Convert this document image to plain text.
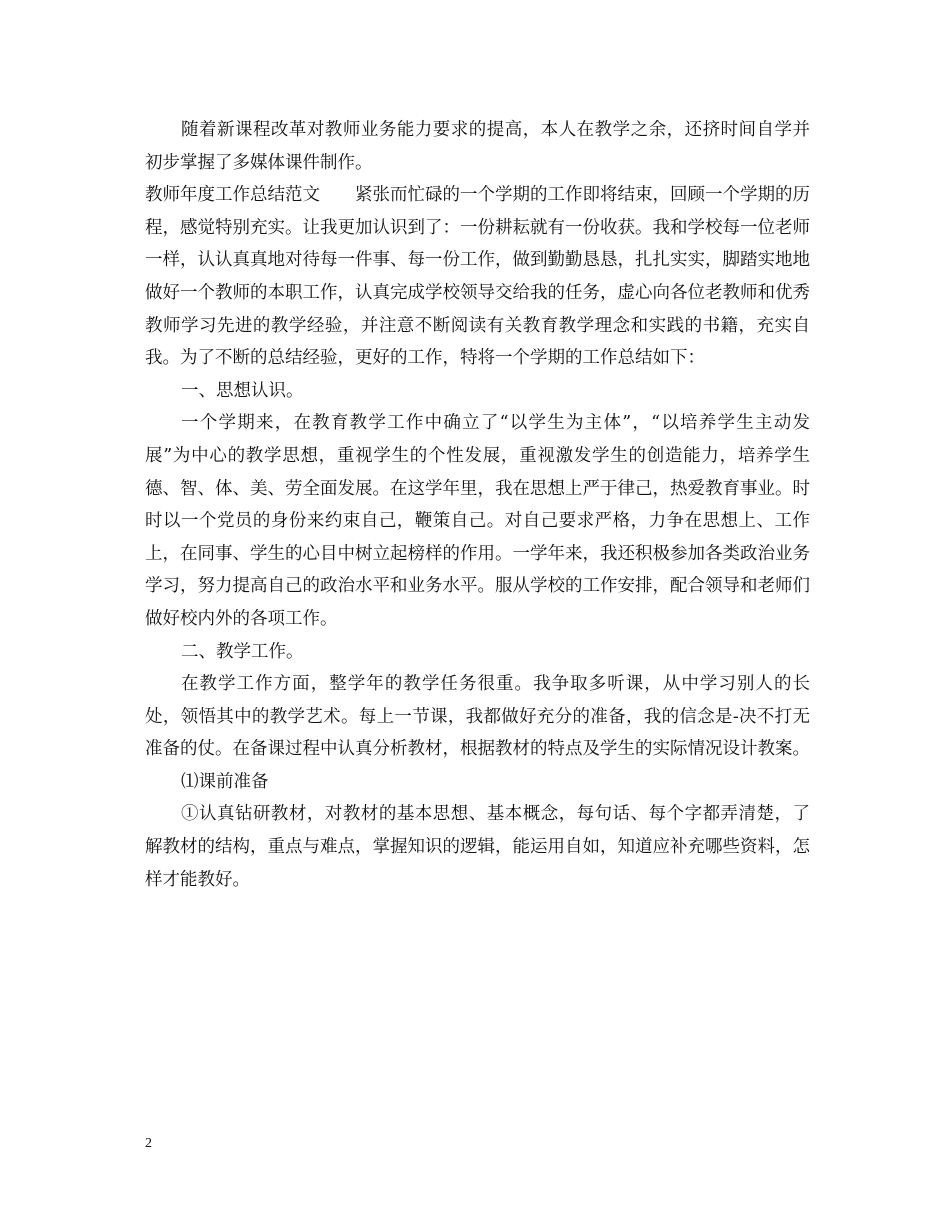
随着新课程改革对教师业务能力要求的提高，本人在教学之余，还挤时间自学并初步掌握了多媒体课件制作。

教师年度工作总结范文　　紧张而忙碌的一个学期的工作即将结束，回顾一个学期的历程，感觉特别充实。让我更加认识到了：一份耕耘就有一份收获。我和学校每一位老师一样，认认真真地对待每一件事、每一份工作，做到勤勤恳恳，扎扎实实，脚踏实地地做好一个教师的本职工作，认真完成学校领导交给我的任务，虚心向各位老教师和优秀教师学习先进的教学经验，并注意不断阅读有关教育教学理念和实践的书籍，充实自我。为了不断的总结经验，更好的工作，特将一个学期的工作总结如下：

一、思想认识。

一个学期来，在教育教学工作中确立了“以学生为主体”，“以培养学生主动发展”为中心的教学思想，重视学生的个性发展，重视激发学生的创造能力，培养学生德、智、体、美、劳全面发展。在这学年里，我在思想上严于律己，热爱教育事业。时时以一个党员的身份来约束自己，鞭策自己。对自己要求严格，力争在思想上、工作上，在同事、学生的心目中树立起榜样的作用。一学年来，我还积极参加各类政治业务学习，努力提高自己的政治水平和业务水平。服从学校的工作安排，配合领导和老师们做好校内外的各项工作。

二、教学工作。

在教学工作方面，整学年的教学任务很重。我争取多听课，从中学习别人的长处，领悟其中的教学艺术。每上一节课，我都做好充分的准备，我的信念是-决不打无准备的仗。在备课过程中认真分析教材，根据教材的特点及学生的实际情况设计教案。

⑴课前准备

①认真钻研教材，对教材的基本思想、基本概念，每句话、每个字都弄清楚，了解教材的结构，重点与难点，掌握知识的逻辑，能运用自如，知道应补充哪些资料，怎样才能教好。

2
